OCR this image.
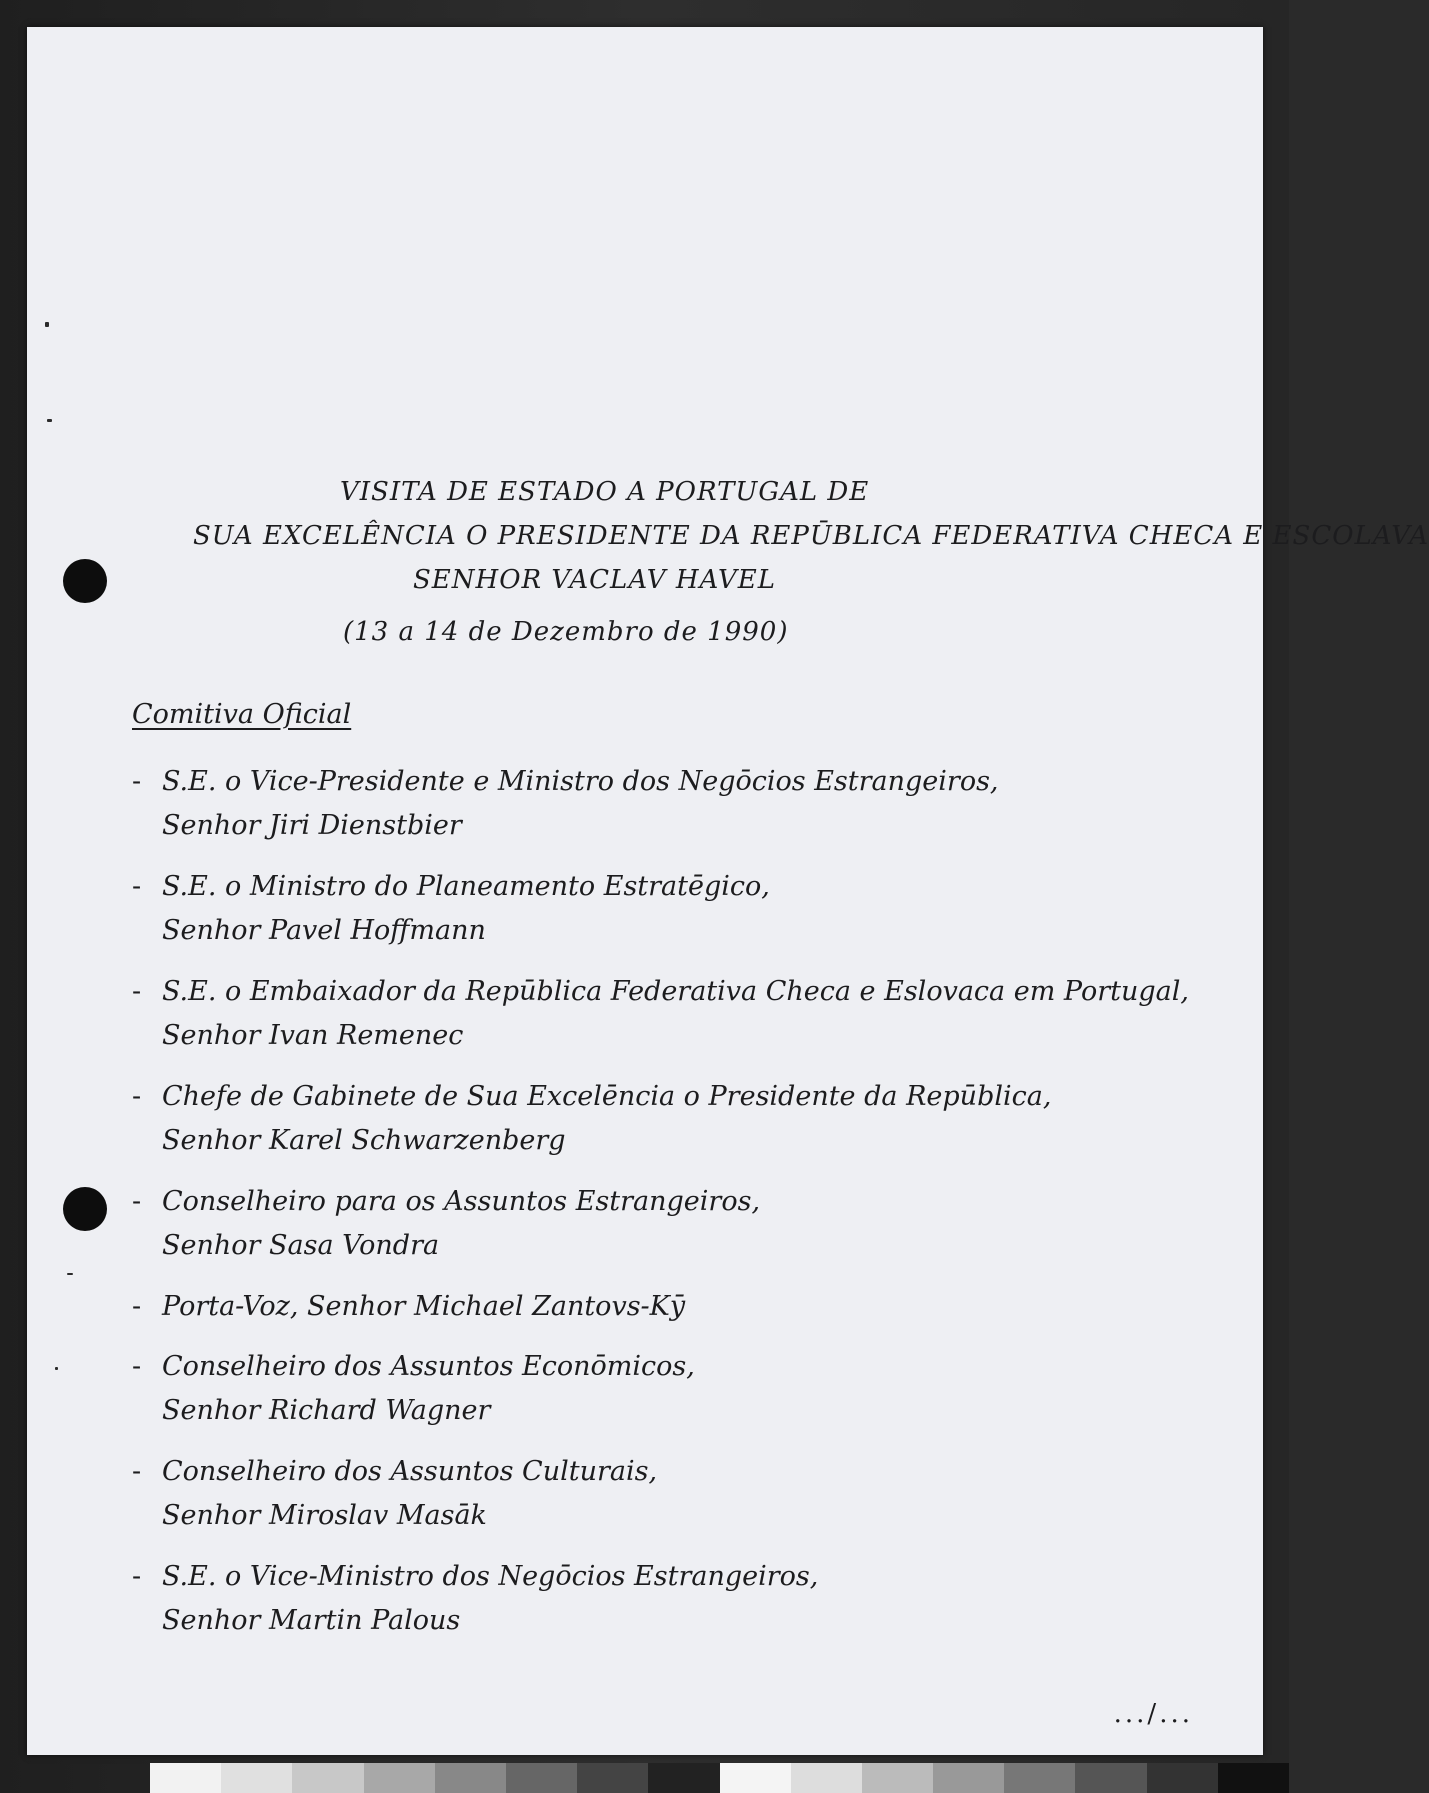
VISITA DE ESTADO A PORTUGAL DE
SUA EXCELÊNCIA O PRESIDENTE DA REPŪBLICA FEDERATIVA CHECA E ESCOLAVA
SENHOR VACLAV HAVEL
(13 a 14 de Dezembro de 1990)
Comitiva Oficial
- S.E. o Vice-Presidente e Ministro dos Negōcios Estrangeiros,
Senhor Jiri Dienstbier
- S.E. o Ministro do Planeamento Estratēgico,
Senhor Pavel Hoffmann
- S.E. o Embaixador da Repūblica Federativa Checa e Eslovaca em Portugal,
Senhor Ivan Remenec
- Chefe de Gabinete de Sua Excelēncia o Presidente da Repūblica,
Senhor Karel Schwarzenberg
- Conselheiro para os Assuntos Estrangeiros,
Senhor Sasa Vondra
- Porta-Voz, Senhor Michael Zantovs-Kȳ
- Conselheiro dos Assuntos Econōmicos,
Senhor Richard Wagner
- Conselheiro dos Assuntos Culturais,
Senhor Miroslav Masāk
- S.E. o Vice-Ministro dos Negōcios Estrangeiros,
Senhor Martin Palous
.../...
